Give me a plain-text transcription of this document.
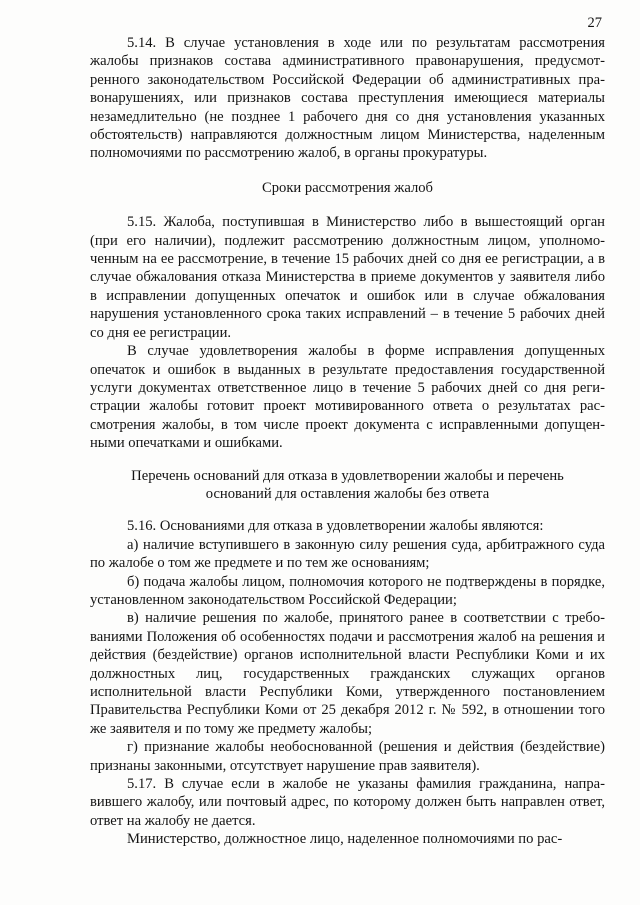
27

5.14. В случае установления в ходе или по результатам рассмотрения жалобы признаков состава административного правонарушения, предусмотренного законодательством Российской Федерации об административных правонарушениях, или признаков состава преступления имеющиеся материалы незамедлительно (не позднее 1 рабочего дня со дня установления указанных обстоятельств) направляются должностным лицом Министерства, наделенным полномочиями по рассмотрению жалоб, в органы прокуратуры.

Сроки рассмотрения жалоб

5.15. Жалоба, поступившая в Министерство либо в вышестоящий орган (при его наличии), подлежит рассмотрению должностным лицом, уполномоченным на ее рассмотрение, в течение 15 рабочих дней со дня ее регистрации, а в случае обжалования отказа Министерства в приеме документов у заявителя либо в исправлении допущенных опечаток и ошибок или в случае обжалования нарушения установленного срока таких исправлений – в течение 5 рабочих дней со дня ее регистрации.

В случае удовлетворения жалобы в форме исправления допущенных опечаток и ошибок в выданных в результате предоставления государственной услуги документах ответственное лицо в течение 5 рабочих дней со дня регистрации жалобы готовит проект мотивированного ответа о результатах рассмотрения жалобы, в том числе проект документа с исправленными допущенными опечатками и ошибками.

Перечень оснований для отказа в удовлетворении жалобы и перечень

оснований для оставления жалобы без ответа

5.16. Основаниями для отказа в удовлетворении жалобы являются:

а) наличие вступившего в законную силу решения суда, арбитражного суда по жалобе о том же предмете и по тем же основаниям;

б) подача жалобы лицом, полномочия которого не подтверждены в порядке, установленном законодательством Российской Федерации;

в) наличие решения по жалобе, принятого ранее в соответствии с требованиями Положения об особенностях подачи и рассмотрения жалоб на решения и действия (бездействие) органов исполнительной власти Республики Коми и их должностных лиц, государственных гражданских служащих органов исполнительной власти Республики Коми, утвержденного постановлением Правительства Республики Коми от 25 декабря 2012 г. № 592, в отношении того же заявителя и по тому же предмету жалобы;

г) признание жалобы необоснованной (решения и действия (бездействие) признаны законными, отсутствует нарушение прав заявителя).

5.17. В случае если в жалобе не указаны фамилия гражданина, направившего жалобу, или почтовый адрес, по которому должен быть направлен ответ, ответ на жалобу не дается.

Министерство, должностное лицо, наделенное полномочиями по рас-
